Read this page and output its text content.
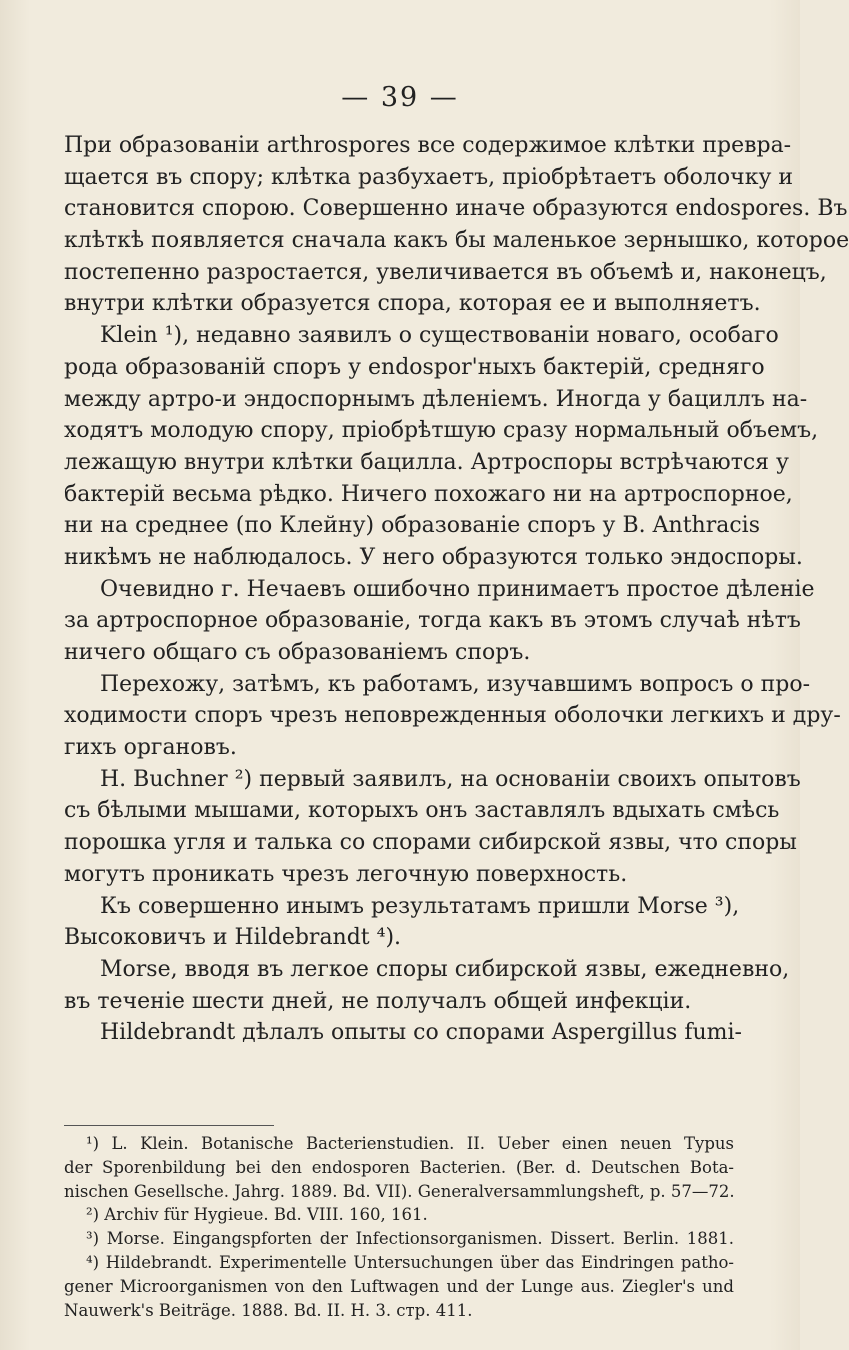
— 39 —
При образованіи arthrosporеs все содержимое клѣтки превра-
щается въ спору; клѣтка разбухаетъ, пріобрѣтаетъ оболочку и
становится спорою. Совершенно иначе образуются endosporеs. Въ
клѣткѣ появляется сначала какъ бы маленькое зернышко, которое
постепенно разростается, увеличивается въ объемѣ и, наконецъ,
внутри клѣтки образуется спора, которая ее и выполняетъ.
Klein ¹), недавно заявилъ о существованіи новаго, особаго
рода образованій споръ у endospor'ныхъ бактерій, средняго
между артро-и эндоспорнымъ дѣленіемъ. Иногда у бациллъ на-
ходятъ молодую спору, пріобрѣтшую сразу нормальный объемъ,
лежащую внутри клѣтки бацилла. Артроспоры встрѣчаются у
бактерій весьма рѣдко. Ничего похожаго ни на артроспорное,
ни на среднее (по Клейну) образованіе споръ у B. Anthracis
никѣмъ не наблюдалось. У него образуются только эндоспоры.
Очевидно г. Нечаевъ ошибочно принимаетъ простое дѣленіе
за артроспорное образованіе, тогда какъ въ этомъ случаѣ нѣтъ
ничего общаго съ образованіемъ споръ.
Перехожу, затѣмъ, къ работамъ, изучавшимъ вопросъ о про-
ходимости споръ чрезъ неповрежденныя оболочки легкихъ и дру-
гихъ органовъ.
H. Buchner ²) первый заявилъ, на основаніи своихъ опытовъ
съ бѣлыми мышами, которыхъ онъ заставлялъ вдыхать смѣсь
порошка угля и талька со спорами сибирской язвы, что споры
могутъ проникать чрезъ легочную поверхность.
Къ совершенно инымъ результатамъ пришли Morse ³),
Высоковичъ и Hildebrandt ⁴).
Morse, вводя въ легкое споры сибирской язвы, ежедневно,
въ теченіе шести дней, не получалъ общей инфекціи.
Hildebrandt дѣлалъ опыты со спорами Aspergillus fumi-
¹) L. Klein. Botanische Bacterienstudien. II. Ueber einen neuen Typus
der Sporenbildung bei den endosporen Bacterien. (Ber. d. Deutschen Bota-
nischen Gesellsche. Jahrg. 1889. Bd. VII). Generalversammlungsheft, p. 57—72.
²) Archiv für Hygieue. Bd. VIII. 160, 161.
³) Morse. Eingangspforten der Infectionsorganismen. Dissert. Berlin. 1881.
⁴) Hildebrandt. Experimentelle Untersuchungen über das Eindringen patho-
gener Microorganismen von den Luftwagen und der Lunge aus. Ziegler's und
Nauwerk's Beiträge. 1888. Bd. II. H. 3. стр. 411.
